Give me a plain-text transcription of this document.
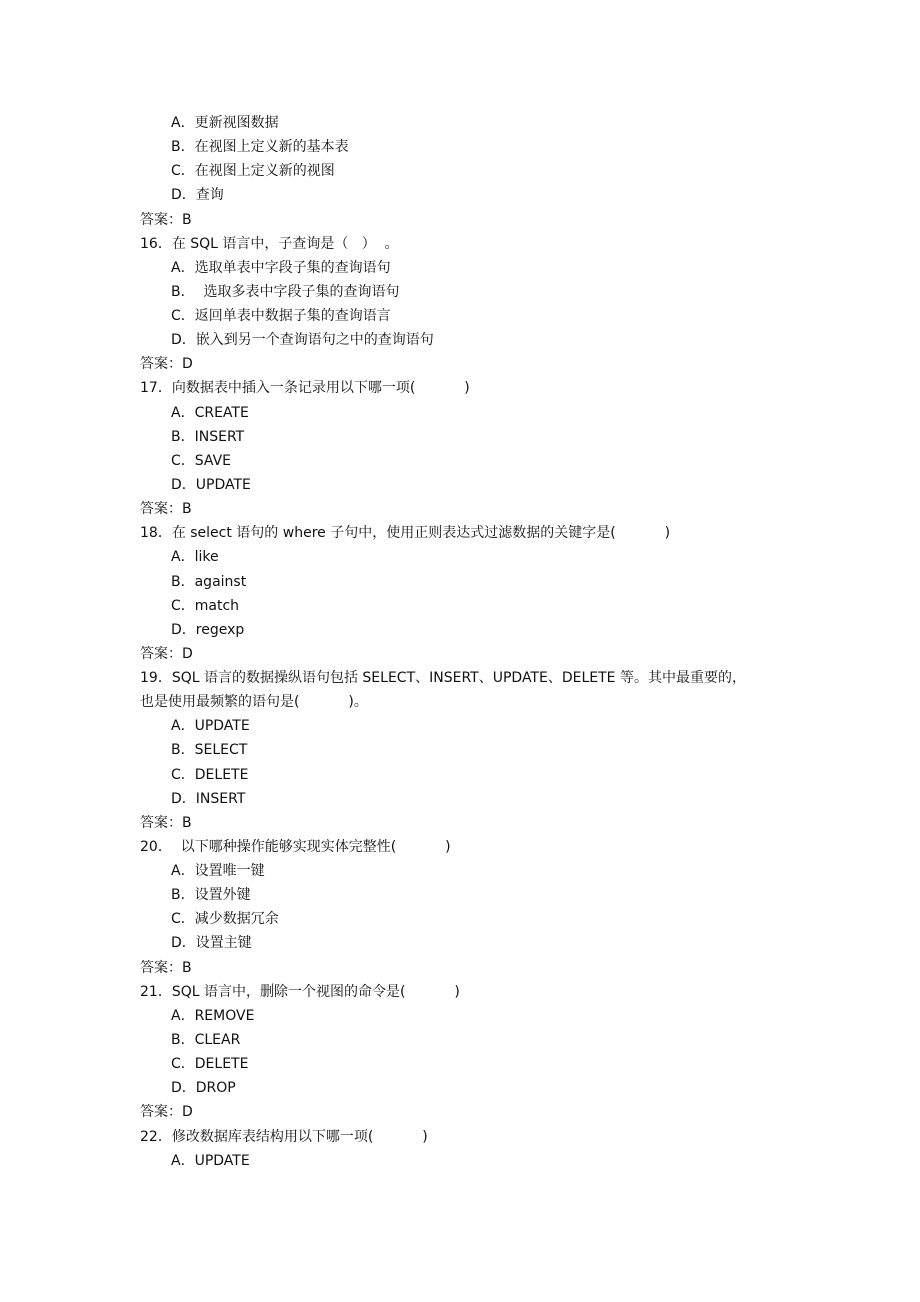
A．更新视图数据

B．在视图上定义新的基本表

C．在视图上定义新的视图

D．查询

答案：B

16．在 SQL 语言中，子查询是（   ）  。

A．选取单表中字段子集的查询语句

B．  选取多表中字段子集的查询语句

C．返回单表中数据子集的查询语言

D．嵌入到另一个查询语句之中的查询语句

答案：D

17．向数据表中插入一条记录用以下哪一项(           )

A．CREATE

B．INSERT

C．SAVE

D．UPDATE

答案：B

18．在 select 语句的 where 子句中，使用正则表达式过滤数据的关键字是(           )

A．like

B．against

C．match

D．regexp

答案：D

19．SQL 语言的数据操纵语句包括 SELECT、INSERT、UPDATE、DELETE 等。其中最重要的，

也是使用最频繁的语句是(           )。

A．UPDATE

B．SELECT

C．DELETE

D．INSERT

答案：B

20．  以下哪种操作能够实现实体完整性(           )

A．设置唯一键

B．设置外键

C．减少数据冗余

D．设置主键

答案：B

21．SQL 语言中，删除一个视图的命令是(           )

A．REMOVE

B．CLEAR

C．DELETE

D．DROP

答案：D

22．修改数据库表结构用以下哪一项(           )

A．UPDATE
